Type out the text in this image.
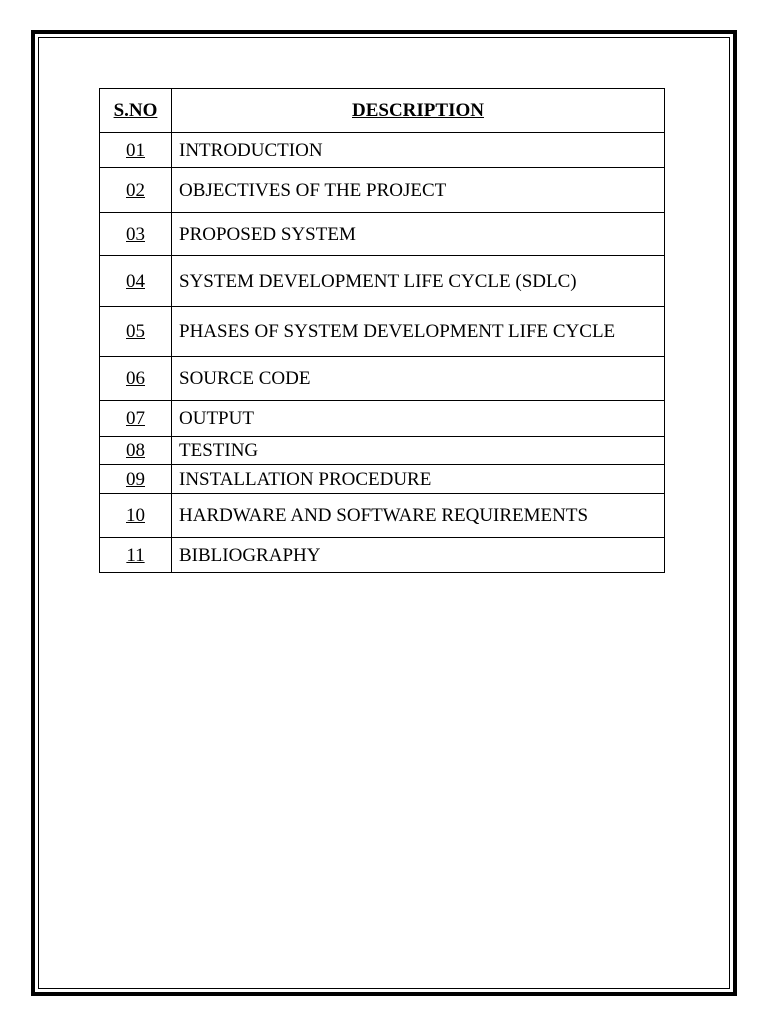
S.NO	DESCRIPTION
01	INTRODUCTION
02	OBJECTIVES OF THE PROJECT
03	PROPOSED SYSTEM
04	SYSTEM DEVELOPMENT LIFE CYCLE (SDLC)
05	PHASES OF SYSTEM DEVELOPMENT LIFE CYCLE
06	SOURCE CODE
07	OUTPUT
08	TESTING
09	INSTALLATION PROCEDURE
10	HARDWARE AND SOFTWARE REQUIREMENTS
11	BIBLIOGRAPHY
